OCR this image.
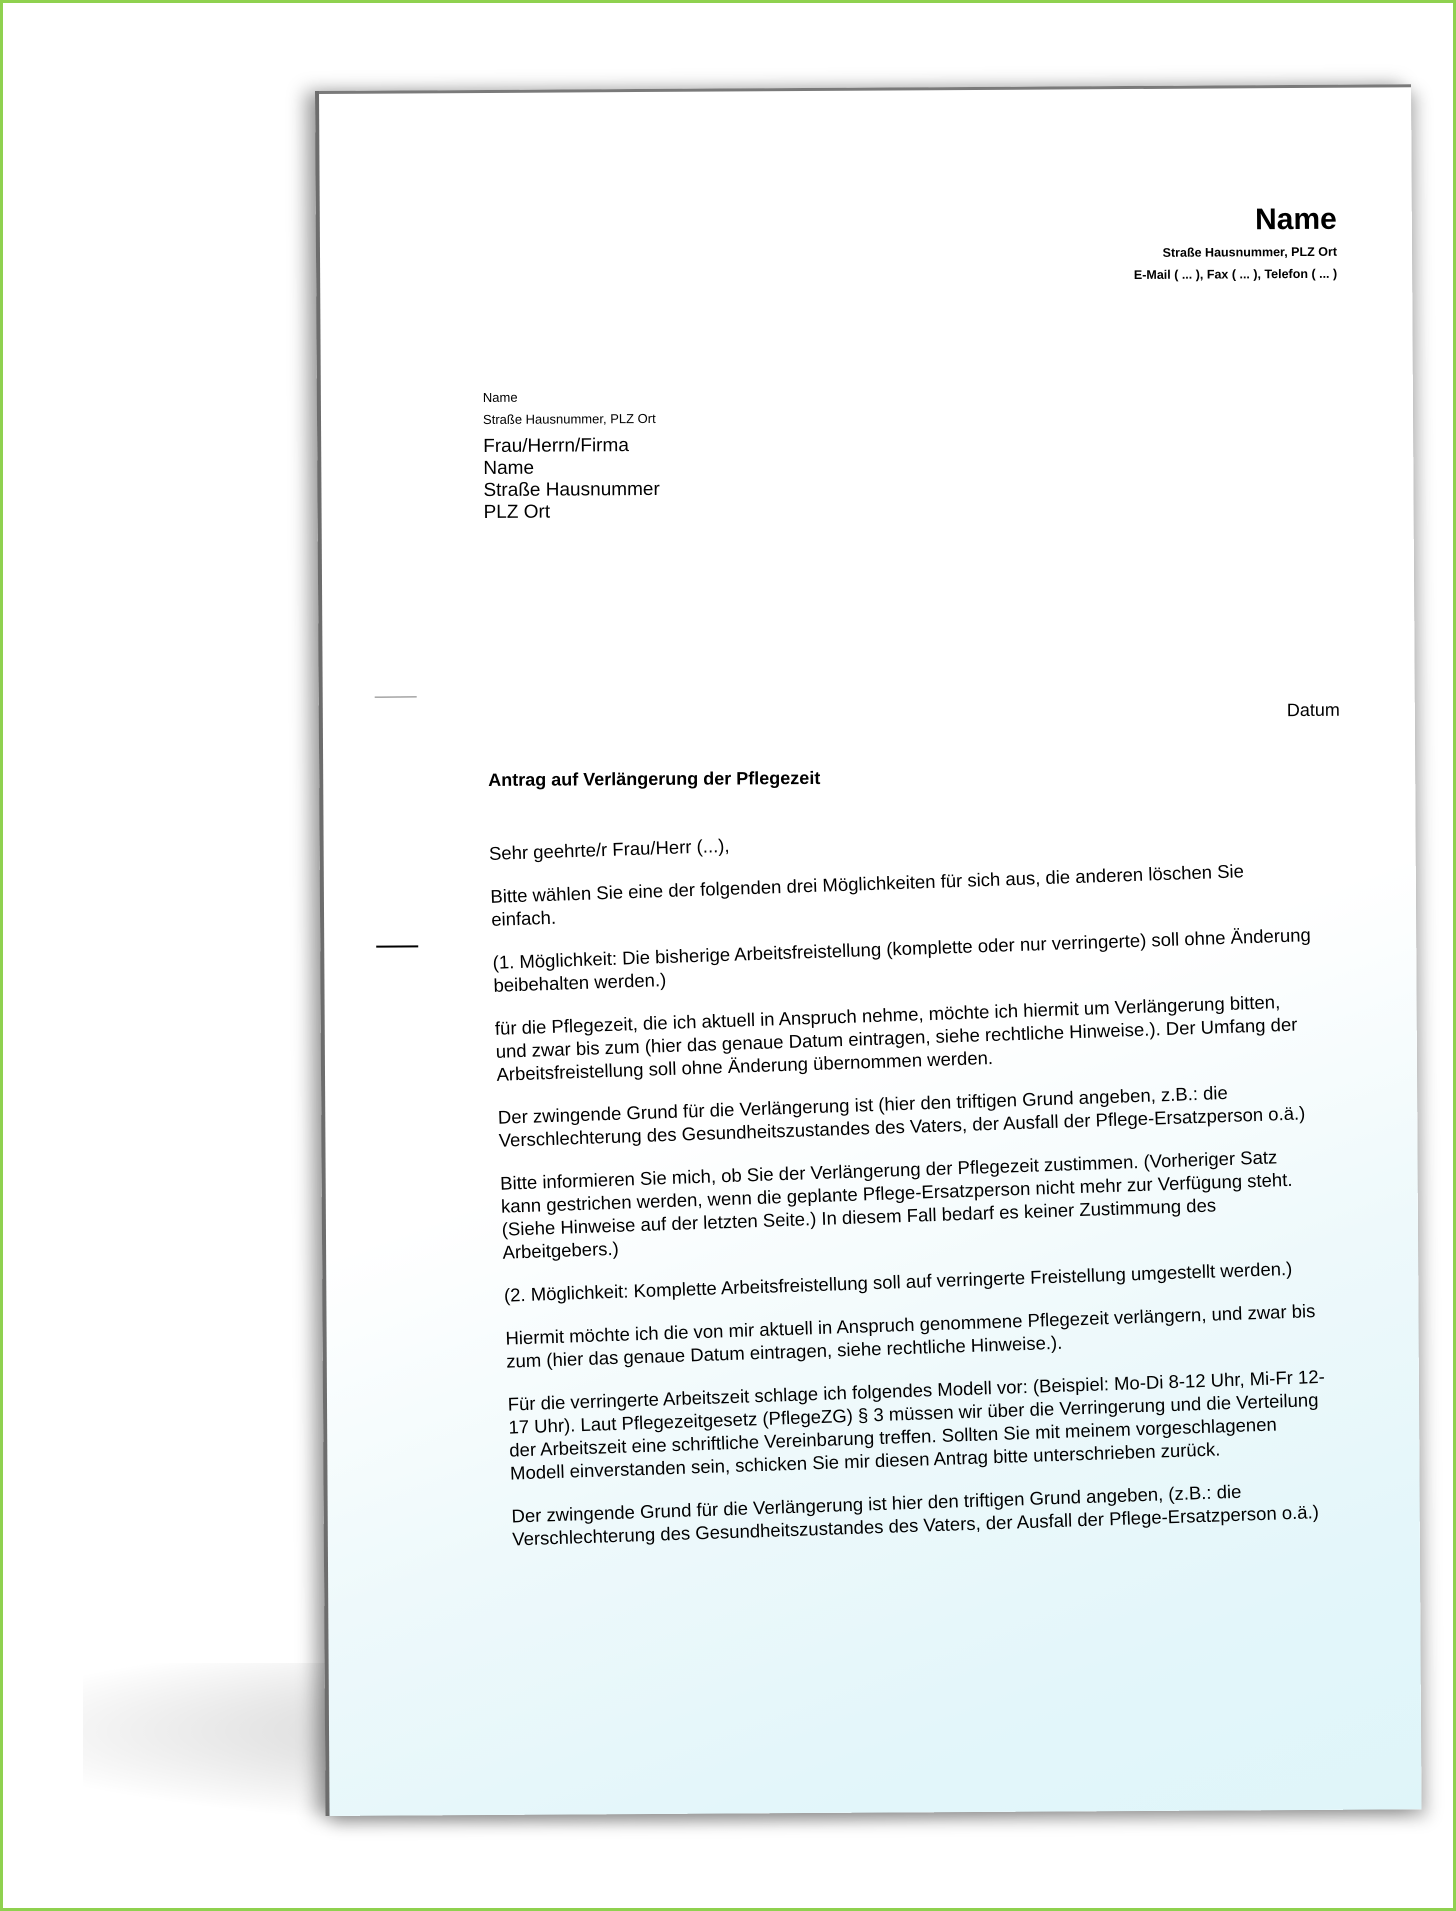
Name
Straße Hausnummer, PLZ Ort
E-Mail ( ... ), Fax ( ... ), Telefon ( ... )
Name
Straße Hausnummer, PLZ Ort
Frau/Herrn/Firma
Name
Straße Hausnummer
PLZ Ort
Datum
Antrag auf Verlängerung der Pflegezeit

Sehr geehrte/r Frau/Herr (...),

Bitte wählen Sie eine der folgenden drei Möglichkeiten für sich aus, die anderen löschen Sie einfach.

(1. Möglichkeit: Die bisherige Arbeitsfreistellung (komplette oder nur verringerte) soll ohne Änderung beibehalten werden.)

für die Pflegezeit, die ich aktuell in Anspruch nehme, möchte ich hiermit um Verlängerung bitten, und zwar bis zum (hier das genaue Datum eintragen, siehe rechtliche Hinweise.). Der Umfang der Arbeitsfreistellung soll ohne Änderung übernommen werden.

Der zwingende Grund für die Verlängerung ist (hier den triftigen Grund angeben, z.B.: die Verschlechterung des Gesundheitszustandes des Vaters, der Ausfall der Pflege-Ersatzperson o.ä.)

Bitte informieren Sie mich, ob Sie der Verlängerung der Pflegezeit zustimmen. (Vorheriger Satz kann gestrichen werden, wenn die geplante Pflege-Ersatzperson nicht mehr zur Verfügung steht. (Siehe Hinweise auf der letzten Seite.) In diesem Fall bedarf es keiner Zustimmung des Arbeitgebers.)

(2. Möglichkeit: Komplette Arbeitsfreistellung soll auf verringerte Freistellung umgestellt werden.)

Hiermit möchte ich die von mir aktuell in Anspruch genommene Pflegezeit verlängern, und zwar bis zum (hier das genaue Datum eintragen, siehe rechtliche Hinweise.).

Für die verringerte Arbeitszeit schlage ich folgendes Modell vor: (Beispiel: Mo-Di 8-12 Uhr, Mi-Fr 12-17 Uhr). Laut Pflegezeitgesetz (PflegeZG) § 3 müssen wir über die Verringerung und die Verteilung der Arbeitszeit eine schriftliche Vereinbarung treffen. Sollten Sie mit meinem vorgeschlagenen Modell einverstanden sein, schicken Sie mir diesen Antrag bitte unterschrieben zurück.

Der zwingende Grund für die Verlängerung ist hier den triftigen Grund angeben, (z.B.: die Verschlechterung des Gesundheitszustandes des Vaters, der Ausfall der Pflege-Ersatzperson o.ä.)
